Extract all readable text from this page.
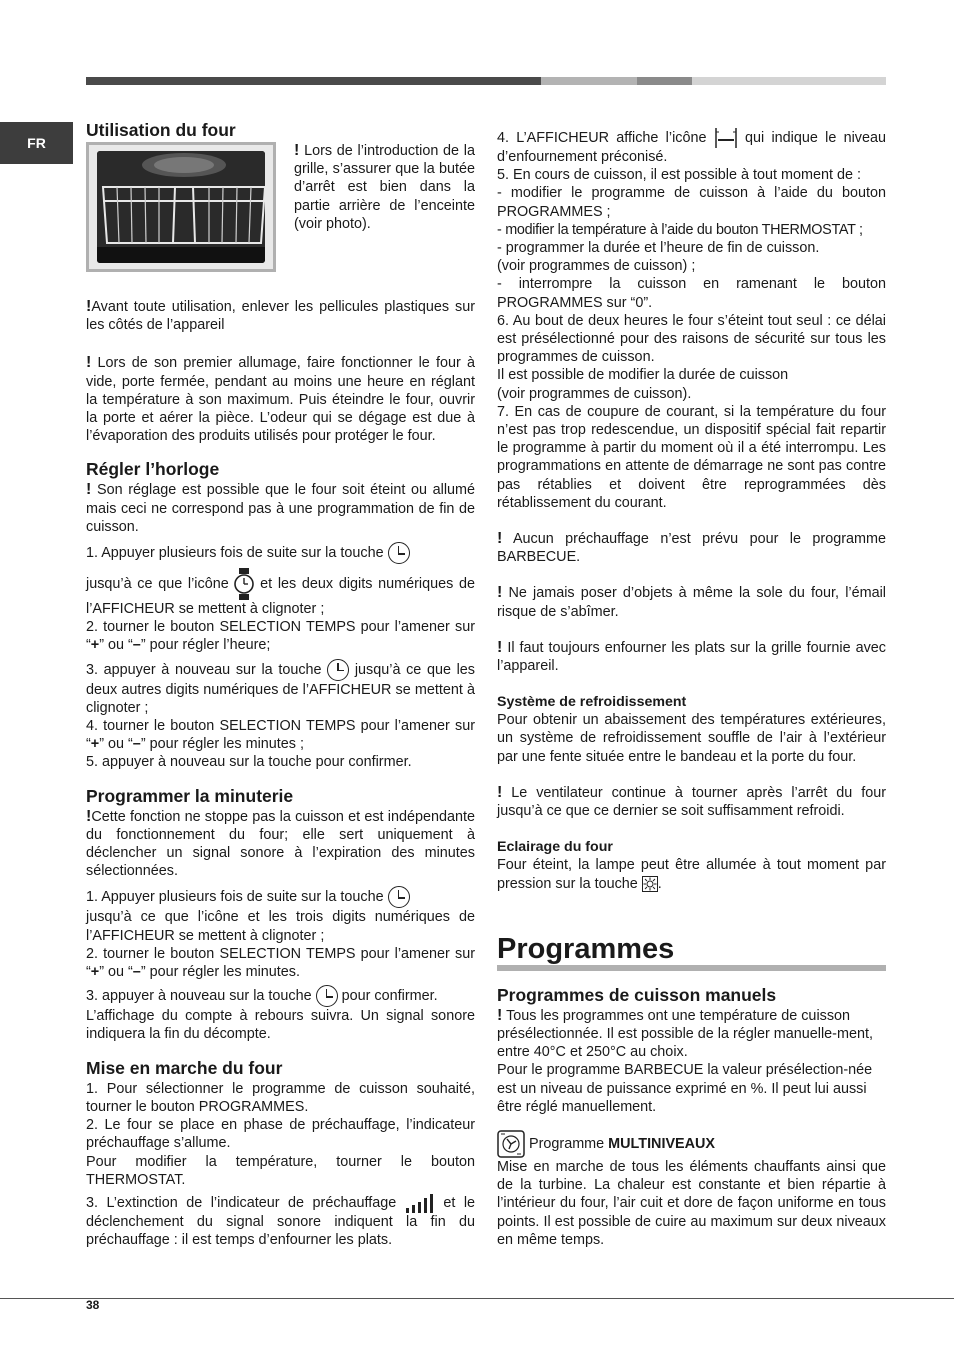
FR
Utilisation du four

! Lors de l’introduction de la grille, s’assurer que la butée d’arrêt est bien dans la partie arrière de l’enceinte (voir photo).

!Avant toute utilisation, enlever les pellicules plastiques sur les côtés de l’appareil

! Lors de son premier allumage, faire fonctionner le four à vide, porte fermée, pendant au moins une heure en réglant la température à son maximum. Puis éteindre le four, ouvrir la porte et aérer la pièce. L’odeur qui se dégage est due à l’évaporation des produits utilisés pour protéger le four.

Régler l’horloge

! Son réglage est possible que le four soit éteint ou allumé mais ceci ne correspond pas à une programmation de fin de cuisson.

1. Appuyer plusieurs fois de suite sur la touche

jusqu’à ce que l’icône et les deux digits numériques de l’AFFICHEUR se mettent à clignoter ;

2. tourner le bouton SELECTION TEMPS pour l’amener sur “+” ou “–” pour régler l’heure;

3. appuyer à nouveau sur la touche jusqu’à ce que les deux autres digits numériques de l’AFFICHEUR se mettent à clignoter ;

4. tourner le bouton SELECTION TEMPS pour l’amener sur “+” ou “–” pour régler les minutes ;

5. appuyer à nouveau sur la touche pour confirmer.

Programmer la minuterie

!Cette fonction ne stoppe pas la cuisson et est indépendante du fonctionnement du four; elle sert uniquement à déclencher un signal sonore à l’expiration des minutes sélectionnées.

1. Appuyer plusieurs fois de suite sur la touche

jusqu’à ce que l’icône et les trois digits numériques de l’AFFICHEUR se mettent à clignoter ;

2. tourner le bouton SELECTION TEMPS pour l’amener sur “+” ou “–” pour régler les minutes.

3. appuyer à nouveau sur la touche pour confirmer.

L’affichage du compte à rebours suivra. Un signal sonore indiquera la fin du décompte.

Mise en marche du four

1. Pour sélectionner le programme de cuisson souhaité, tourner le bouton PROGRAMMES.

2. Le four se place en phase de préchauffage, l’indicateur préchauffage s’allume.

Pour modifier la température, tourner le bouton THERMOSTAT.

3. L’extinction de l’indicateur de préchauffage	et le déclenchement du signal sonore indiquent la fin du préchauffage : il est temps d’enfourner les plats.

4. L’AFFICHEUR affiche l’icône	qui indique le niveau d’enfournement préconisé.

5. En cours de cuisson, il est possible à tout moment de :

- modifier le programme de cuisson à l’aide du bouton PROGRAMMES ;

- modifier la température à l’aide du bouton THERMOSTAT ;

- programmer la durée et l’heure de fin de cuisson.

(voir programmes de cuisson) ;

- interrompre la cuisson en ramenant le bouton PROGRAMMES sur “0”.

6. Au bout de deux heures le four s’éteint tout seul : ce délai est présélectionné pour des raisons de sécurité sur tous les programmes de cuisson.

Il est possible de modifier la durée de cuisson

(voir programmes de cuisson).

7. En cas de coupure de courant, si la température du four n’est pas trop redescendue, un dispositif spécial fait repartir le programme à partir du moment où il a été interrompu. Les programmations en attente de démarrage ne sont pas contre pas rétablies et doivent être reprogrammées dès rétablissement du courant.

! Aucun préchauffage n’est prévu pour le programme BARBECUE.

! Ne jamais poser d’objets à même la sole du four, l’émail risque de s’abîmer.

! Il faut toujours enfourner les plats sur la grille fournie avec l’appareil.

Système de refroidissement

Pour obtenir un abaissement des températures extérieures, un système de refroidissement souffle de l’air à l’extérieur par une fente située entre le bandeau et la porte du four.

! Le ventilateur continue à tourner après l’arrêt du four jusqu’à ce que ce dernier se soit suffisamment refroidi.

Eclairage du four

Four éteint, la lampe peut être allumée à tout moment par pression sur la touche .

Programmes
Programmes de cuisson manuels

! Tous les programmes ont une température de cuisson présélectionnée. Il est possible de la régler manuelle-ment, entre 40°C et 250°C au choix.

Pour le programme BARBECUE la valeur présélection-née est un niveau de puissance exprimé en %. Il peut lui aussi être réglé manuellement.

Programme MULTINIVEAUX

Mise en marche de tous les éléments chauffants ainsi que de la turbine. La chaleur est constante et bien répartie à l’intérieur du four, l’air cuit et dore de façon uniforme en tous points. Il est possible de cuire au maximum sur deux niveaux en même temps.

38
